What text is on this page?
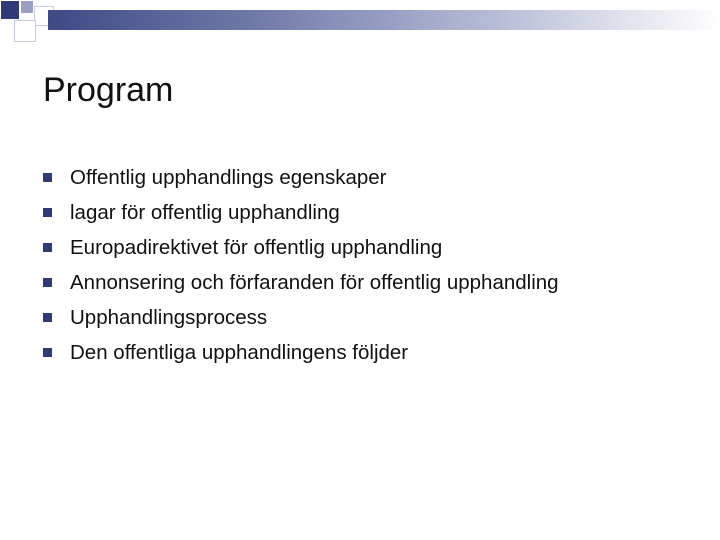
Program
Offentlig upphandlings egenskaper
lagar för offentlig upphandling
Europadirektivet för offentlig upphandling
Annonsering och förfaranden för offentlig upphandling
Upphandlingsprocess
Den offentliga upphandlingens följder
